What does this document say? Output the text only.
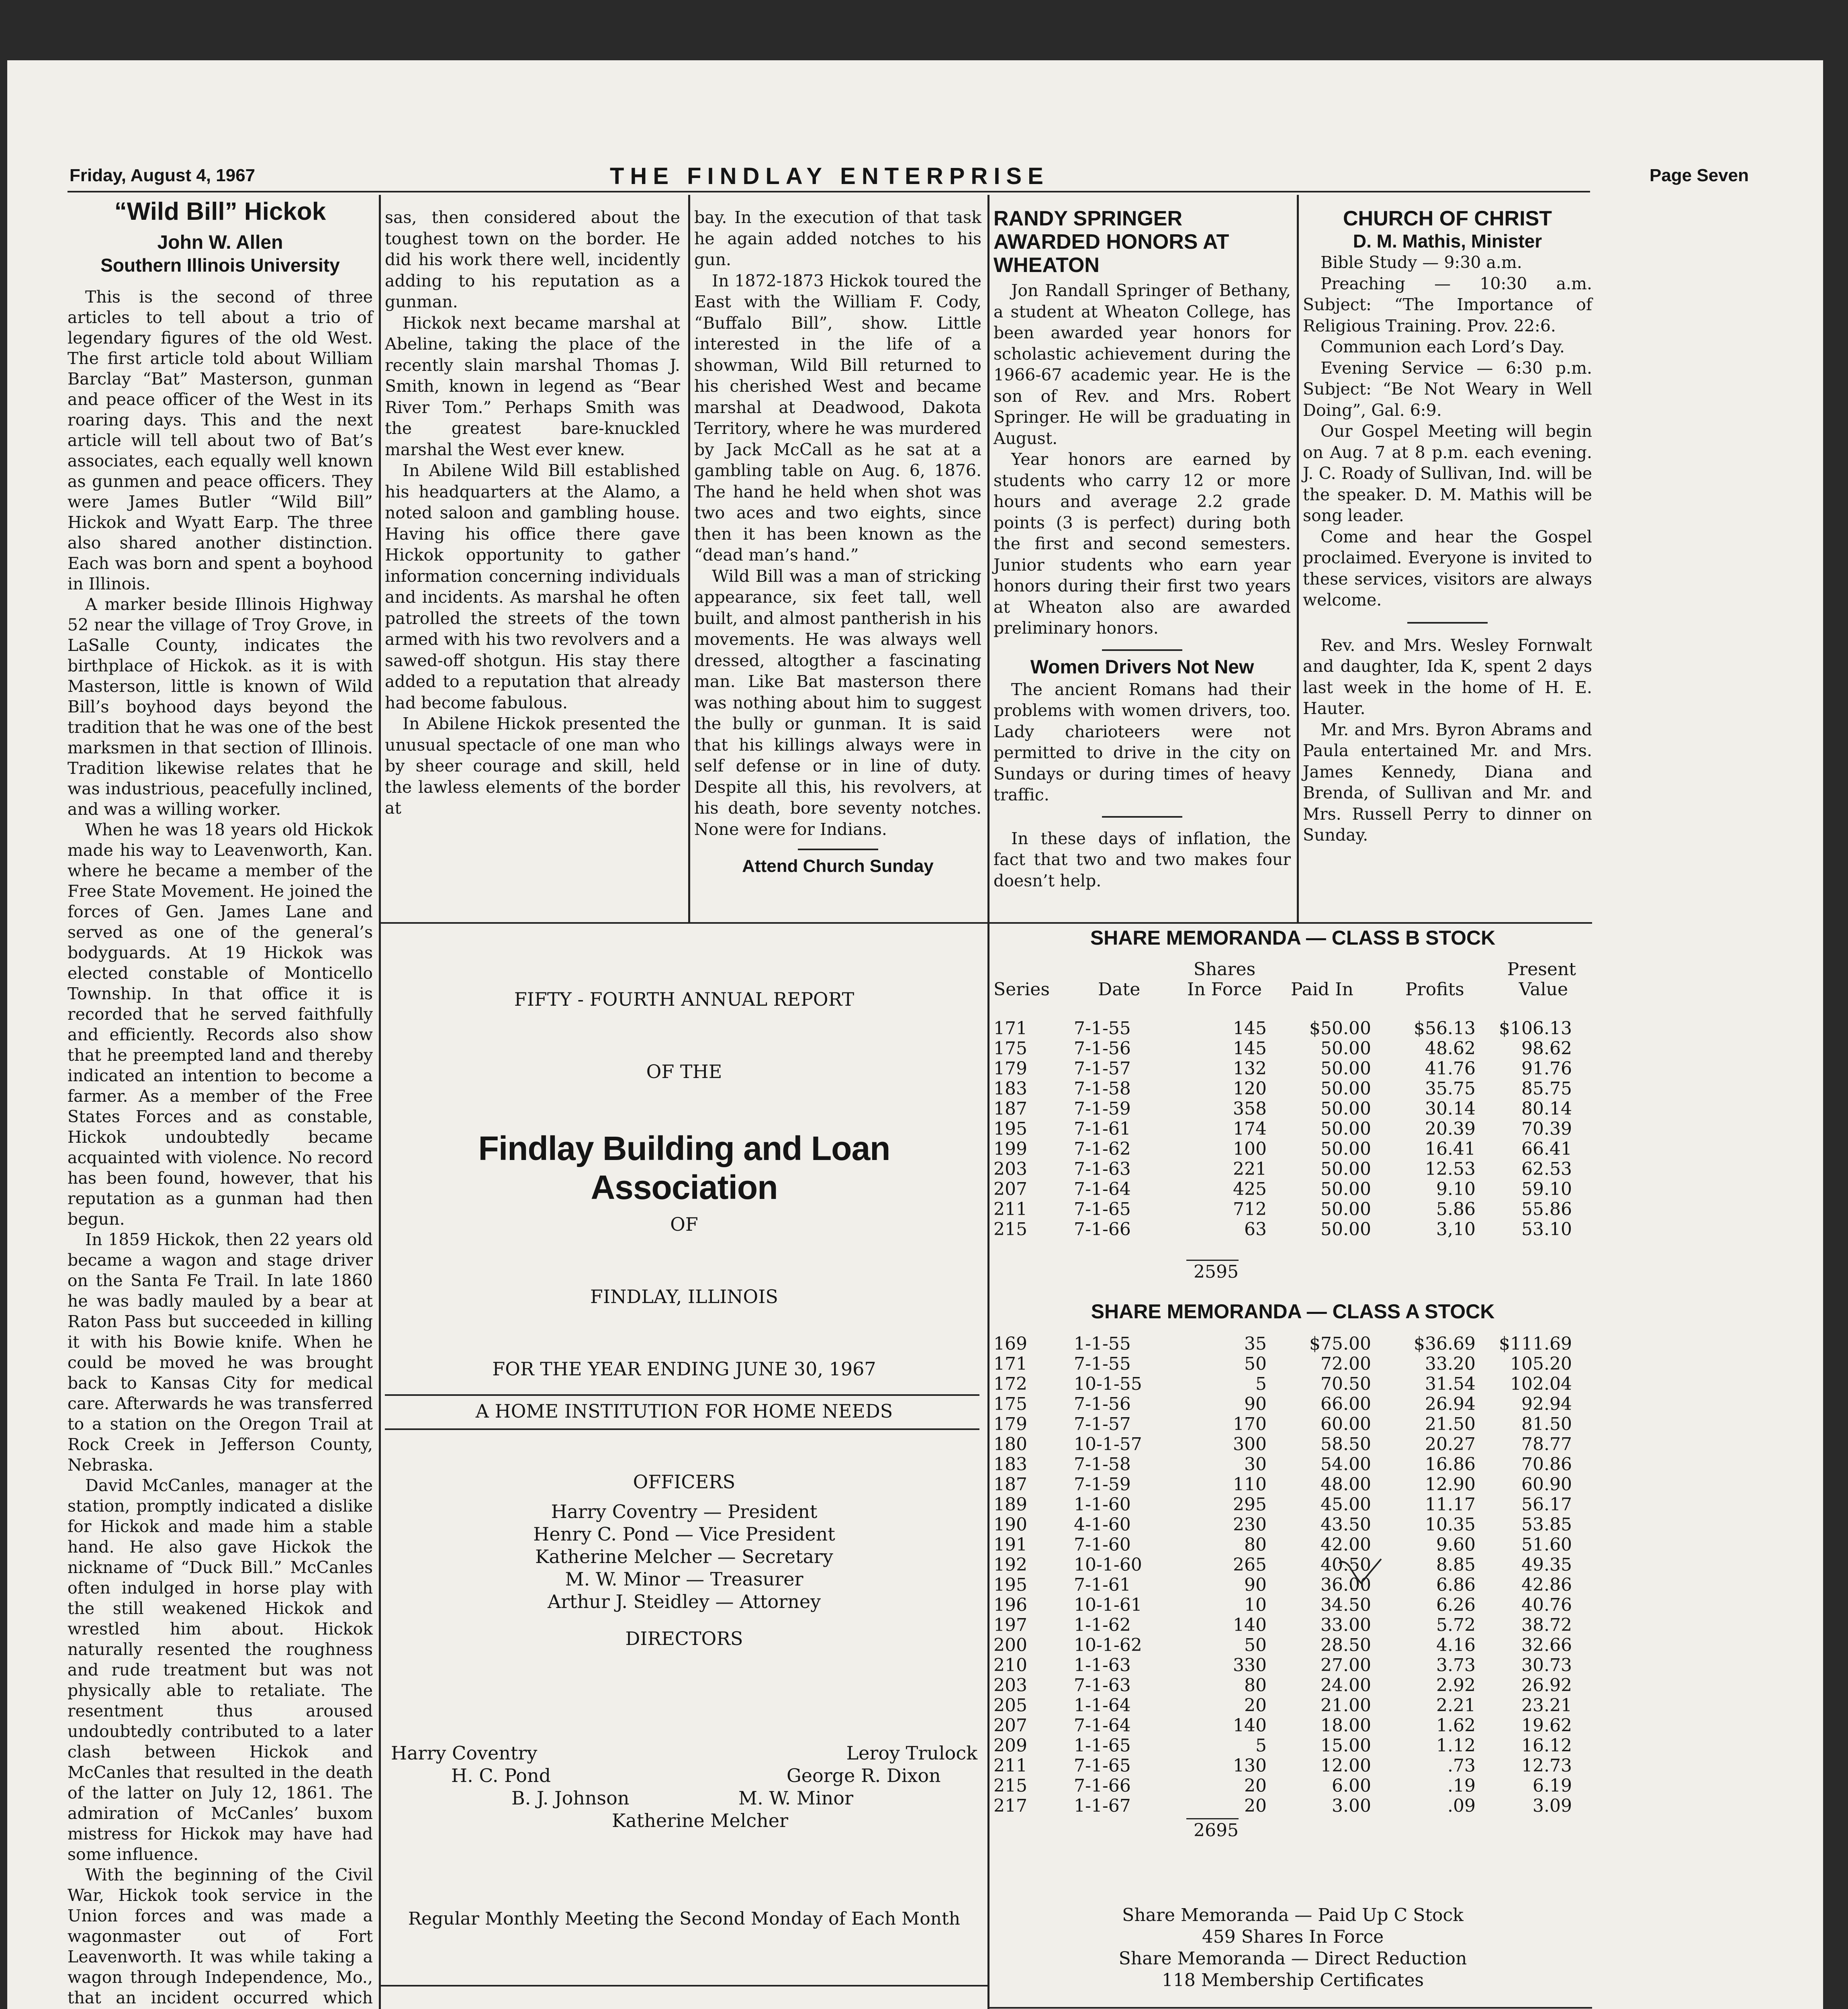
Friday, August 4, 1967	THE FINDLAY ENTERPRISE	Page Seven
“Wild Bill” Hickok
John W. Allen
Southern Illinois University

This is the second of three articles to tell about a trio of legendary figures of the old West. The first article told about William Barclay “Bat” Masterson, gunman and peace officer of the West in its roaring days. This and the next article will tell about two of Bat’s associates, each equally well known as gunmen and peace officers. They were James Butler “Wild Bill” Hickok and Wyatt Earp. The three also shared another distinction. Each was born and spent a boyhood in Illinois.

A marker beside Illinois Highway 52 near the village of Troy Grove, in LaSalle County, indicates the birthplace of Hickok. as it is with Masterson, little is known of Wild Bill’s boyhood days beyond the tradition that he was one of the best marksmen in that section of Illinois. Tradition likewise relates that he was industrious, peacefully inclined, and was a willing worker.

When he was 18 years old Hickok made his way to Leavenworth, Kan. where he became a member of the Free State Movement. He joined the forces of Gen. James Lane and served as one of the general’s bodyguards. At 19 Hickok was elected constable of Monticello Township. In that office it is recorded that he served faithfully and efficiently. Records also show that he preempted land and thereby indicated an intention to become a farmer. As a member of the Free States Forces and as constable, Hickok undoubtedly became acquainted with violence. No record has been found, however, that his reputation as a gunman had then begun.

In 1859 Hickok, then 22 years old became a wagon and stage driver on the Santa Fe Trail. In late 1860 he was badly mauled by a bear at Raton Pass but succeeded in killing it with his Bowie knife. When he could be moved he was brought back to Kansas City for medical care. Afterwards he was transferred to a station on the Oregon Trail at Rock Creek in Jefferson County, Nebraska.

David McCanles, manager at the station, promptly indicated a dislike for Hickok and made him a stable hand. He also gave Hickok the nickname of “Duck Bill.” McCanles often indulged in horse play with the still weakened Hickok and wrestled him about. Hickok naturally resented the roughness and rude treatment but was not physically able to retaliate. The resentment thus aroused undoubtedly contributed to a later clash between Hickok and McCanles that resulted in the death of the latter on July 12, 1861. The admiration of McCanles’ buxom mistress for Hickok may have had some influence.

With the beginning of the Civil War, Hickok took service in the Union forces and was made a wagonmaster out of Fort Leavenworth. It was while taking a wagon through Independence, Mo., that an incident occurred which

sas, then considered about the toughest town on the border. He did his work there well, incidently adding to his reputation as a gunman.

Hickok next became marshal at Abeline, taking the place of the recently slain marshal Thomas J. Smith, known in legend as “Bear River Tom.” Perhaps Smith was the greatest bare-knuckled marshal the West ever knew.

In Abilene Wild Bill established his headquarters at the Alamo, a noted saloon and gambling house. Having his office there gave Hickok opportunity to gather information concerning individuals and incidents. As marshal he often patrolled the streets of the town armed with his two revolvers and a sawed-off shotgun. His stay there added to a reputation that already had become fabulous.

In Abilene Hickok presented the unusual spectacle of one man who by sheer courage and skill, held the lawless elements of the border at

bay. In the execution of that task he again added notches to his gun.

In 1872-1873 Hickok toured the East with the William F. Cody, “Buffalo Bill”, show. Little interested in the life of a showman, Wild Bill returned to his cherished West and became marshal at Deadwood, Dakota Territory, where he was murdered by Jack McCall as he sat at a gambling table on Aug. 6, 1876. The hand he held when shot was two aces and two eights, since then it has been known as the “dead man’s hand.”

Wild Bill was a man of stricking appearance, six feet tall, well built, and almost pantherish in his movements. He was always well dressed, altogther a fascinating man. Like Bat masterson there was nothing about him to suggest the bully or gunman. It is said that his killings always were in self defense or in line of duty. Despite all this, his revolvers, at his death, bore seventy notches. None were for Indians.

Attend Church Sunday
RANDY SPRINGER AWARDED HONORS AT WHEATON

Jon Randall Springer of Bethany, a student at Wheaton College, has been awarded year honors for scholastic achievement during the 1966-67 academic year. He is the son of Rev. and Mrs. Robert Springer. He will be graduating in August.

Year honors are earned by students who carry 12 or more hours and average 2.2 grade points (3 is perfect) during both the first and second semesters. Junior students who earn year honors during their first two years at Wheaton also are awarded preliminary honors.

Women Drivers Not New

The ancient Romans had their problems with women drivers, too. Lady charioteers were not permitted to drive in the city on Sundays or during times of heavy traffic.

In these days of inflation, the fact that two and two makes four doesn’t help.

CHURCH OF CHRIST
D. M. Mathis, Minister

Bible Study — 9:30 a.m.

Preaching — 10:30 a.m. Subject: “The Importance of Religious Training. Prov. 22:6.

Communion each Lord’s Day.

Evening Service — 6:30 p.m. Subject: “Be Not Weary in Well Doing”, Gal. 6:9.

Our Gospel Meeting will begin on Aug. 7 at 8 p.m. each evening. J. C. Roady of Sullivan, Ind. will be the speaker. D. M. Mathis will be song leader.

Come and hear the Gospel proclaimed. Everyone is invited to these services, visitors are always welcome.

Rev. and Mrs. Wesley Fornwalt and daughter, Ida K, spent 2 days last week in the home of H. E. Hauter.

Mr. and Mrs. Byron Abrams and Paula entertained Mr. and Mrs. James Kennedy, Diana and Brenda, of Sullivan and Mr. and Mrs. Russell Perry to dinner on Sunday.

FIFTY - FOURTH ANNUAL REPORT
OF THE
Findlay Building and Loan Association
OF
FINDLAY, ILLINOIS
FOR THE YEAR ENDING JUNE 30, 1967
A HOME INSTITUTION FOR HOME NEEDS
OFFICERS
Harry Coventry — President
Henry C. Pond — Vice President
Katherine Melcher — Secretary
M. W. Minor — Treasurer
Arthur J. Steidley — Attorney
DIRECTORS
Harry Coventry	Leroy Trulock
H. C. Pond	George R. Dixon
B. J. Johnson	M. W. Minor
Katherine Melcher
Regular Monthly Meeting the Second Monday of Each Month
SHARE MEMORANDA — CLASS B STOCK
Series	Date
Shares
In Force	Paid In	Profits
Present
Value
171	7-1-55	145	$50.00	$56.13	$106.13
175	7-1-56	145	50.00	48.62	98.62
179	7-1-57	132	50.00	41.76	91.76
183	7-1-58	120	50.00	35.75	85.75
187	7-1-59	358	50.00	30.14	80.14
195	7-1-61	174	50.00	20.39	70.39
199	7-1-62	100	50.00	16.41	66.41
203	7-1-63	221	50.00	12.53	62.53
207	7-1-64	425	50.00	9.10	59.10
211	7-1-65	712	50.00	5.86	55.86
215	7-1-66	63	50.00	3,10	53.10
2595
SHARE MEMORANDA — CLASS A STOCK
169	1-1-55	35	$75.00	$36.69	$111.69
171	7-1-55	50	72.00	33.20	105.20
172	10-1-55	5	70.50	31.54	102.04
175	7-1-56	90	66.00	26.94	92.94
179	7-1-57	170	60.00	21.50	81.50
180	10-1-57	300	58.50	20.27	78.77
183	7-1-58	30	54.00	16.86	70.86
187	7-1-59	110	48.00	12.90	60.90
189	1-1-60	295	45.00	11.17	56.17
190	4-1-60	230	43.50	10.35	53.85
191	7-1-60	80	42.00	9.60	51.60
192	10-1-60	265	40.50	8.85	49.35
195	7-1-61	90	36.00	6.86	42.86
196	10-1-61	10	34.50	6.26	40.76
197	1-1-62	140	33.00	5.72	38.72
200	10-1-62	50	28.50	4.16	32.66
210	1-1-63	330	27.00	3.73	30.73
203	7-1-63	80	24.00	2.92	26.92
205	1-1-64	20	21.00	2.21	23.21
207	7-1-64	140	18.00	1.62	19.62
209	1-1-65	5	15.00	1.12	16.12
211	7-1-65	130	12.00	.73	12.73
215	7-1-66	20	6.00	.19	6.19
217	1-1-67	20	3.00	.09	3.09
2695
Share Memoranda — Paid Up C Stock
459 Shares In Force
Share Memoranda — Direct Reduction
118 Membership Certificates
